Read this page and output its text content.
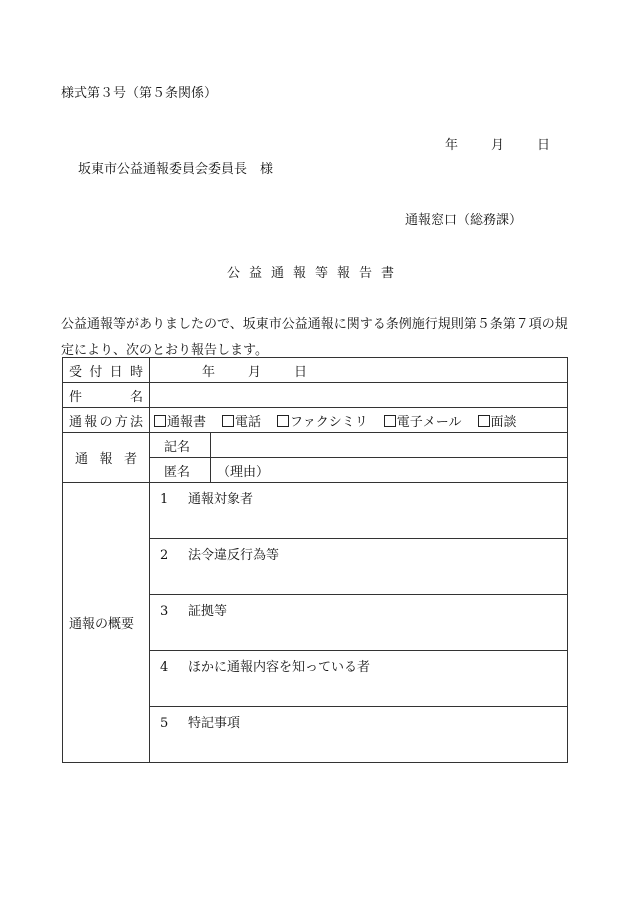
様式第３号（第５条関係）
年	月	日
坂東市公益通報委員会委員長　様
通報窓口（総務課）
公益通報等報告書
公益通報等がありましたので、坂東市公益通報に関する条例施行規則第５条第７項の規定により、次のとおり報告します。
受付日時	年 月 日	
件名		
通報の方法	通報書 電話 ファクシミリ 電子メール 面談	

通報者	記名	
	匿名	（理由）
通報の概要	1 通報対象者	
	2 法令違反行為等	
	3 証拠等	
	4 ほかに通報内容を知っている者	
	5 特記事項	
